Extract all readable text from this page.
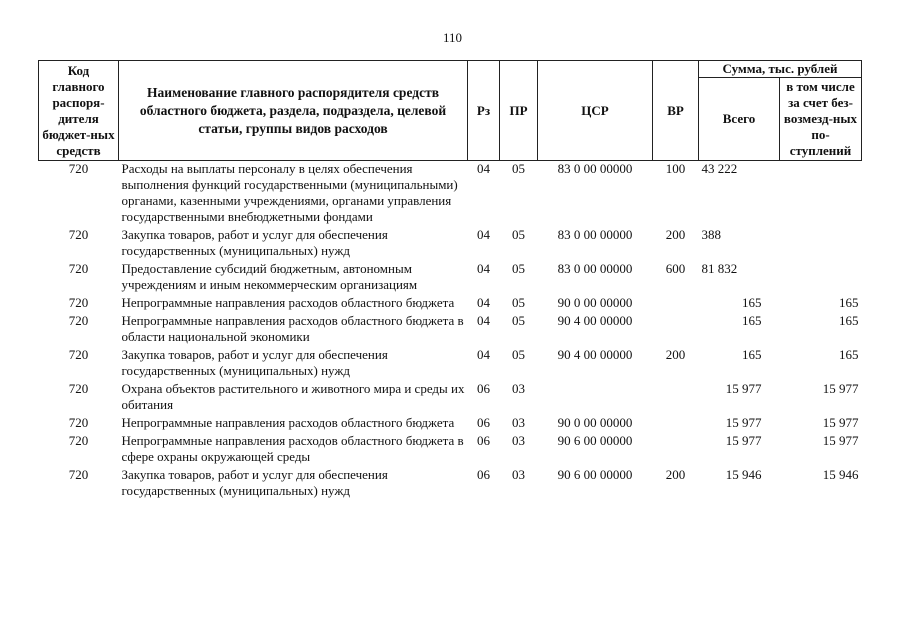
110
Код главного распоря-дителя бюджет-ных средств	Наименование главного распорядителя средств областного бюджета, раздела, подраздела, целевой статьи, группы видов расходов	Рз	ПР	ЦСР	ВР	Сумма, тыс. рублей	
						Всего	в том числе за счет без-возмезд-ных по-ступлений
720	Расходы на выплаты персоналу в целях обеспечения выполнения функций государственными (муниципальными) органами, казенными учреждениями, органами управления государственными внебюджетными фондами	04	05	83 0 00 00000	100	43 222	
720	Закупка товаров, работ и услуг для обеспечения государственных (муниципальных) нужд	04	05	83 0 00 00000	200	388	
720	Предоставление субсидий бюджетным, автономным учреждениям и иным некоммерческим организациям	04	05	83 0 00 00000	600	81 832	
720	Непрограммные направления расходов областного бюджета	04	05	90 0 00 00000		165	165
720	Непрограммные направления расходов областного бюджета в области национальной экономики	04	05	90 4 00 00000		165	165
720	Закупка товаров, работ и услуг для обеспечения государственных (муниципальных) нужд	04	05	90 4 00 00000	200	165	165
720	Охрана объектов растительного и животного мира и среды их обитания	06	03			15 977	15 977
720	Непрограммные направления расходов областного бюджета	06	03	90 0 00 00000		15 977	15 977
720	Непрограммные направления расходов областного бюджета в сфере охраны окружающей среды	06	03	90 6 00 00000		15 977	15 977
720	Закупка товаров, работ и услуг для обеспечения государственных (муниципальных) нужд	06	03	90 6 00 00000	200	15 946	15 946
